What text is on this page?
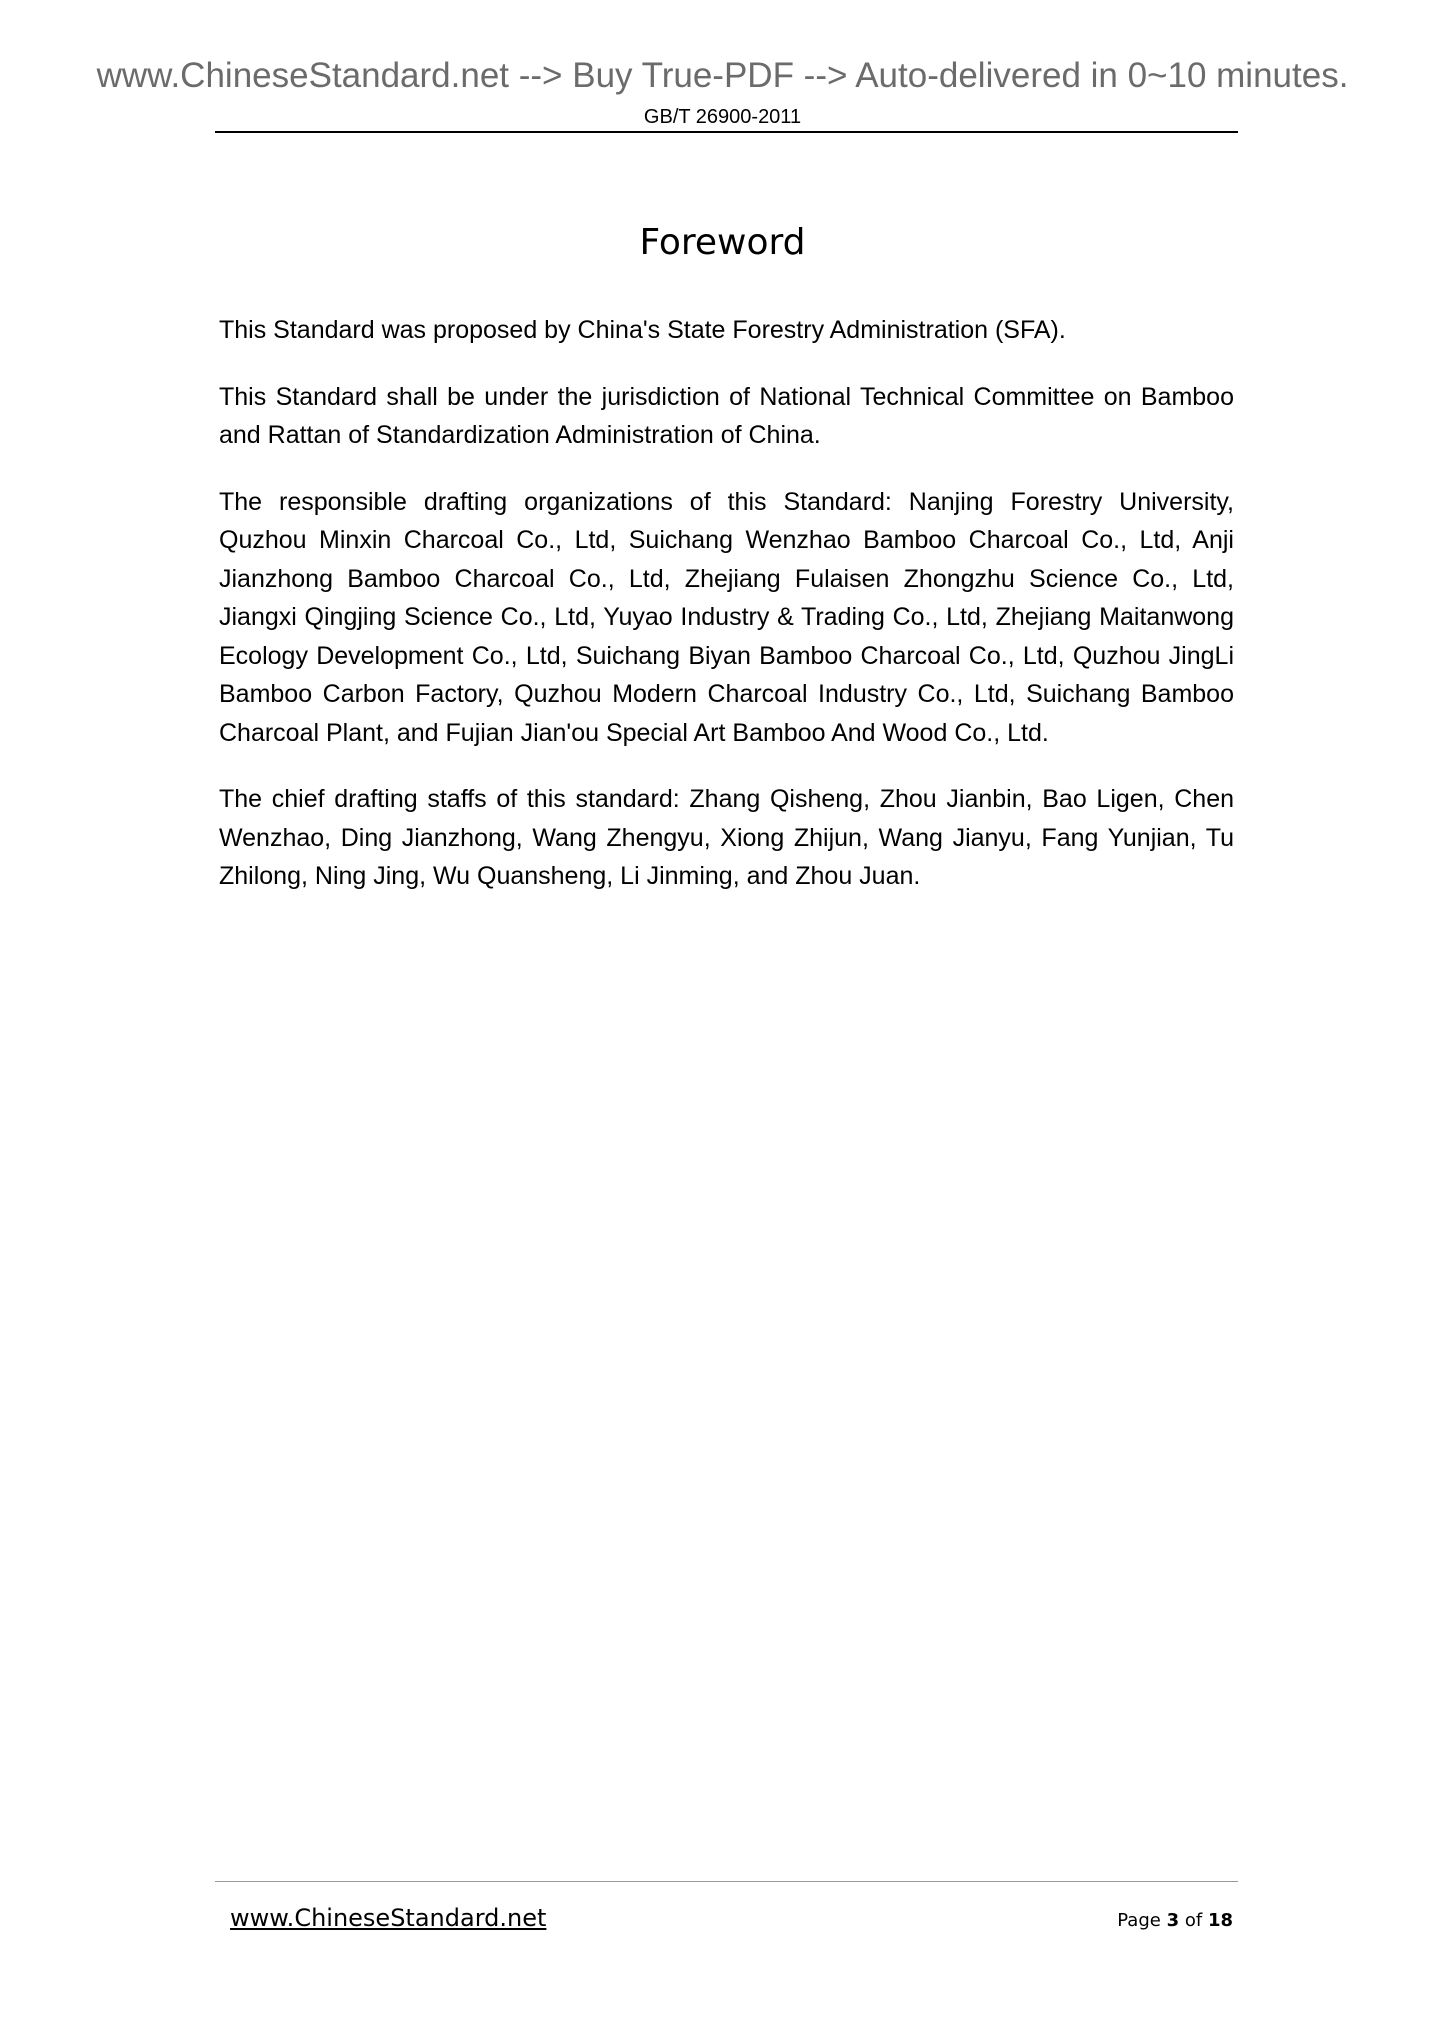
www.ChineseStandard.net --> Buy True-PDF --> Auto-delivered in 0~10 minutes.
GB/T 26900-2011
Foreword

This Standard was proposed by China's State Forestry Administration (SFA).

This Standard shall be under the jurisdiction of National Technical Committee on Bamboo and Rattan of Standardization Administration of China.

The responsible drafting organizations of this Standard: Nanjing Forestry University, Quzhou Minxin Charcoal Co., Ltd, Suichang Wenzhao Bamboo Charcoal Co., Ltd, Anji Jianzhong Bamboo Charcoal Co., Ltd, Zhejiang Fulaisen Zhongzhu Science Co., Ltd, Jiangxi Qingjing Science Co., Ltd, Yuyao Industry & Trading Co., Ltd, Zhejiang Maitanwong Ecology Development Co., Ltd, Suichang Biyan Bamboo Charcoal Co., Ltd, Quzhou JingLi Bamboo Carbon Factory, Quzhou Modern Charcoal Industry Co., Ltd, Suichang Bamboo Charcoal Plant, and Fujian Jian'ou Special Art Bamboo And Wood Co., Ltd.

The chief drafting staffs of this standard: Zhang Qisheng, Zhou Jianbin, Bao Ligen, Chen Wenzhao, Ding Jianzhong, Wang Zhengyu, Xiong Zhijun, Wang Jianyu, Fang Yunjian, Tu Zhilong, Ning Jing, Wu Quansheng, Li Jinming, and Zhou Juan.

www.ChineseStandard.net	Page 3 of 18
